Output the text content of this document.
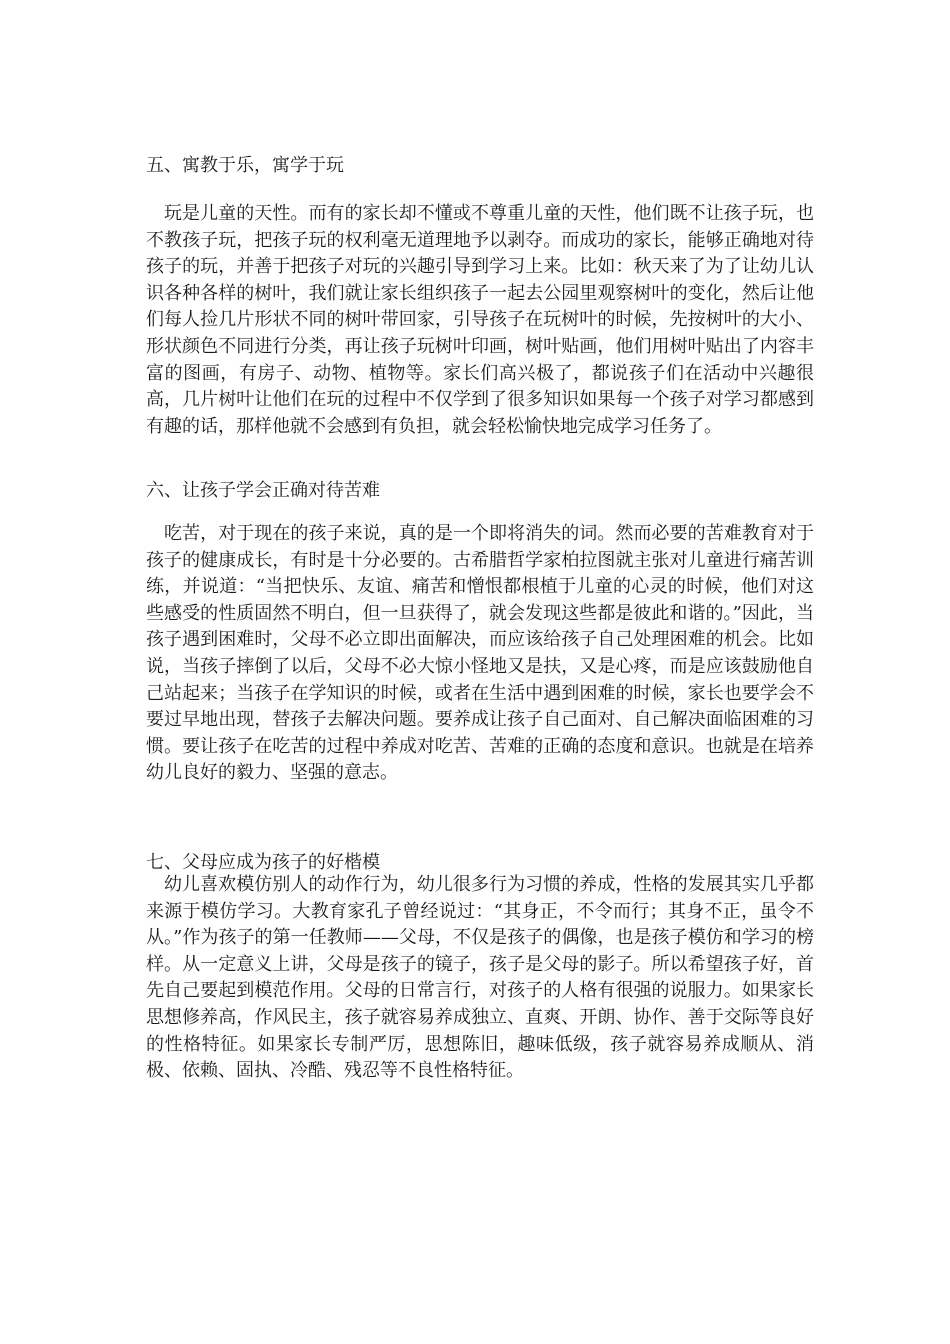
五、寓教于乐，寓学于玩

玩是儿童的天性。而有的家长却不懂或不尊重儿童的天性，他们既不让孩子玩，也不教孩子玩，把孩子玩的权利毫无道理地予以剥夺。而成功的家长，能够正确地对待孩子的玩，并善于把孩子对玩的兴趣引导到学习上来。比如：秋天来了为了让幼儿认识各种各样的树叶，我们就让家长组织孩子一起去公园里观察树叶的变化，然后让他们每人捡几片形状不同的树叶带回家，引导孩子在玩树叶的时候，先按树叶的大小、形状颜色不同进行分类，再让孩子玩树叶印画，树叶贴画，他们用树叶贴出了内容丰富的图画，有房子、动物、植物等。家长们高兴极了，都说孩子们在活动中兴趣很高，几片树叶让他们在玩的过程中不仅学到了很多知识如果每一个孩子对学习都感到有趣的话，那样他就不会感到有负担，就会轻松愉快地完成学习任务了。

六、让孩子学会正确对待苦难

吃苦，对于现在的孩子来说，真的是一个即将消失的词。然而必要的苦难教育对于孩子的健康成长，有时是十分必要的。古希腊哲学家柏拉图就主张对儿童进行痛苦训练，并说道：“当把快乐、友谊、痛苦和憎恨都根植于儿童的心灵的时候，他们对这些感受的性质固然不明白，但一旦获得了，就会发现这些都是彼此和谐的。”因此，当孩子遇到困难时，父母不必立即出面解决，而应该给孩子自己处理困难的机会。比如说，当孩子摔倒了以后，父母不必大惊小怪地又是扶，又是心疼，而是应该鼓励他自己站起来；当孩子在学知识的时候，或者在生活中遇到困难的时候，家长也要学会不要过早地出现，替孩子去解决问题。要养成让孩子自己面对、自己解决面临困难的习惯。要让孩子在吃苦的过程中养成对吃苦、苦难的正确的态度和意识。也就是在培养幼儿良好的毅力、坚强的意志。

七、父母应成为孩子的好楷模

幼儿喜欢模仿别人的动作行为，幼儿很多行为习惯的养成，性格的发展其实几乎都来源于模仿学习。大教育家孔子曾经说过：“其身正，不令而行；其身不正，虽令不从。”作为孩子的第一任教师——父母，不仅是孩子的偶像，也是孩子模仿和学习的榜样。从一定意义上讲，父母是孩子的镜子，孩子是父母的影子。所以希望孩子好，首先自己要起到模范作用。父母的日常言行，对孩子的人格有很强的说服力。如果家长思想修养高，作风民主，孩子就容易养成独立、直爽、开朗、协作、善于交际等良好的性格特征。如果家长专制严厉，思想陈旧，趣味低级，孩子就容易养成顺从、消极、依赖、固执、冷酷、残忍等不良性格特征。
